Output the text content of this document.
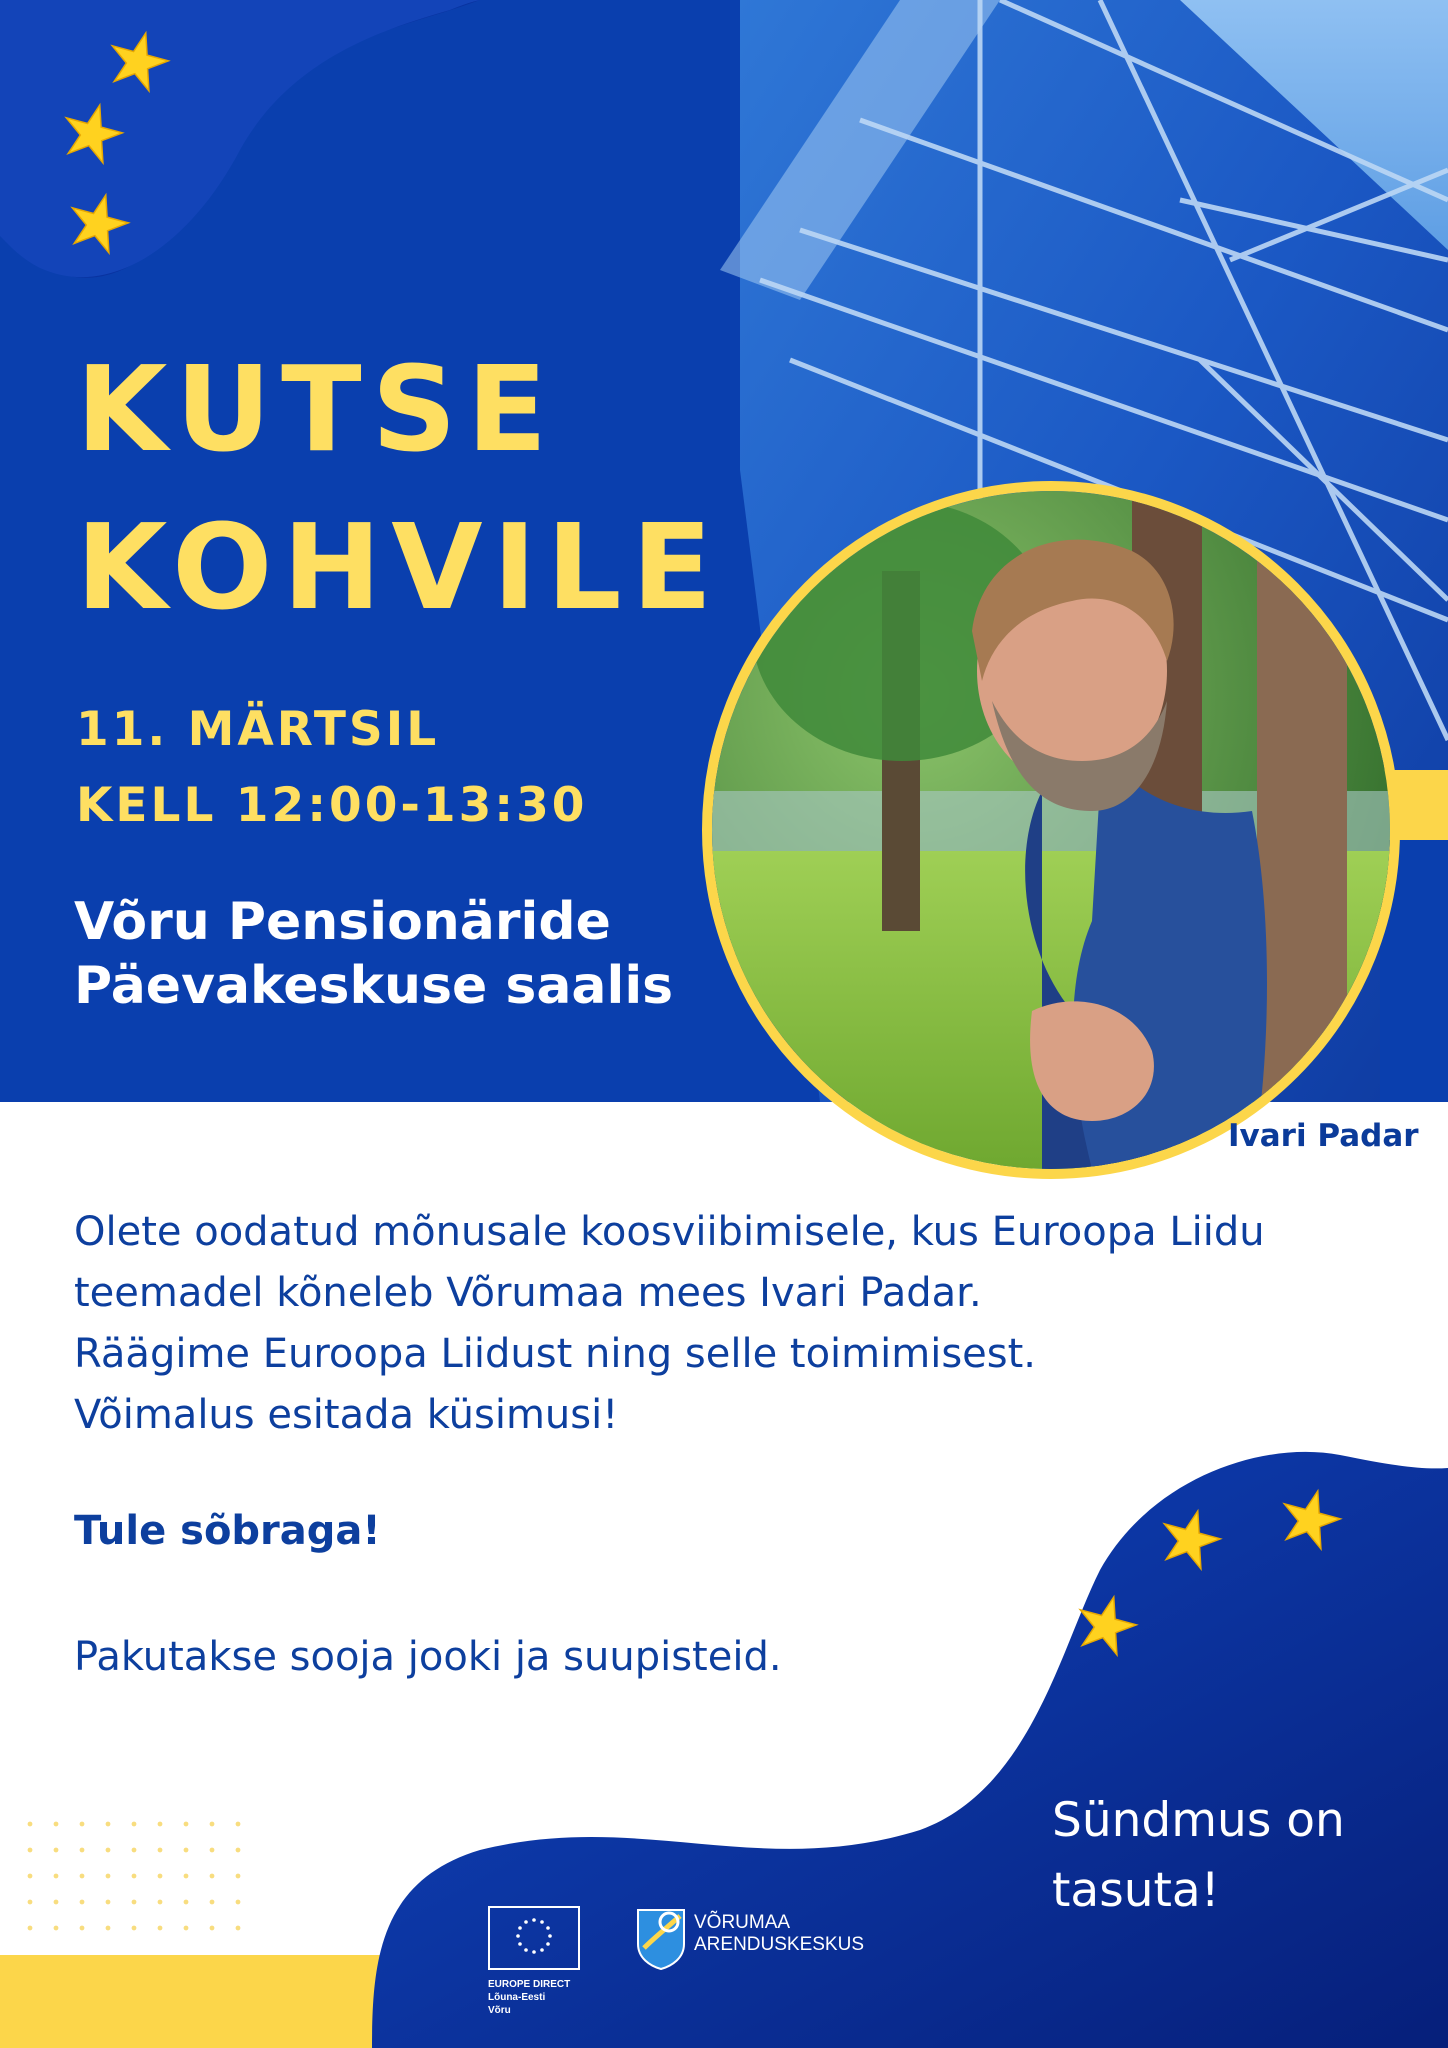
KUTSE
KOHVILE
11. MÄRTSIL
KELL 12:00-13:30
Võru Pensionäride
Päevakeskuse saalis
Ivari Padar
Olete oodatud mõnusale koosviibimisele, kus Euroopa Liidu
teemadel kõneleb Võrumaa mees Ivari Padar.
Räägime Euroopa Liidust ning selle toimimisest.
Võimalus esitada küsimusi!
Tule sõbraga!
Pakutakse sooja jooki ja suupisteid.
Sündmus on
tasuta!
EUROPE DIRECT
Lõuna-Eesti
Võru
VÕRUMAA
ARENDUSKESKUS
